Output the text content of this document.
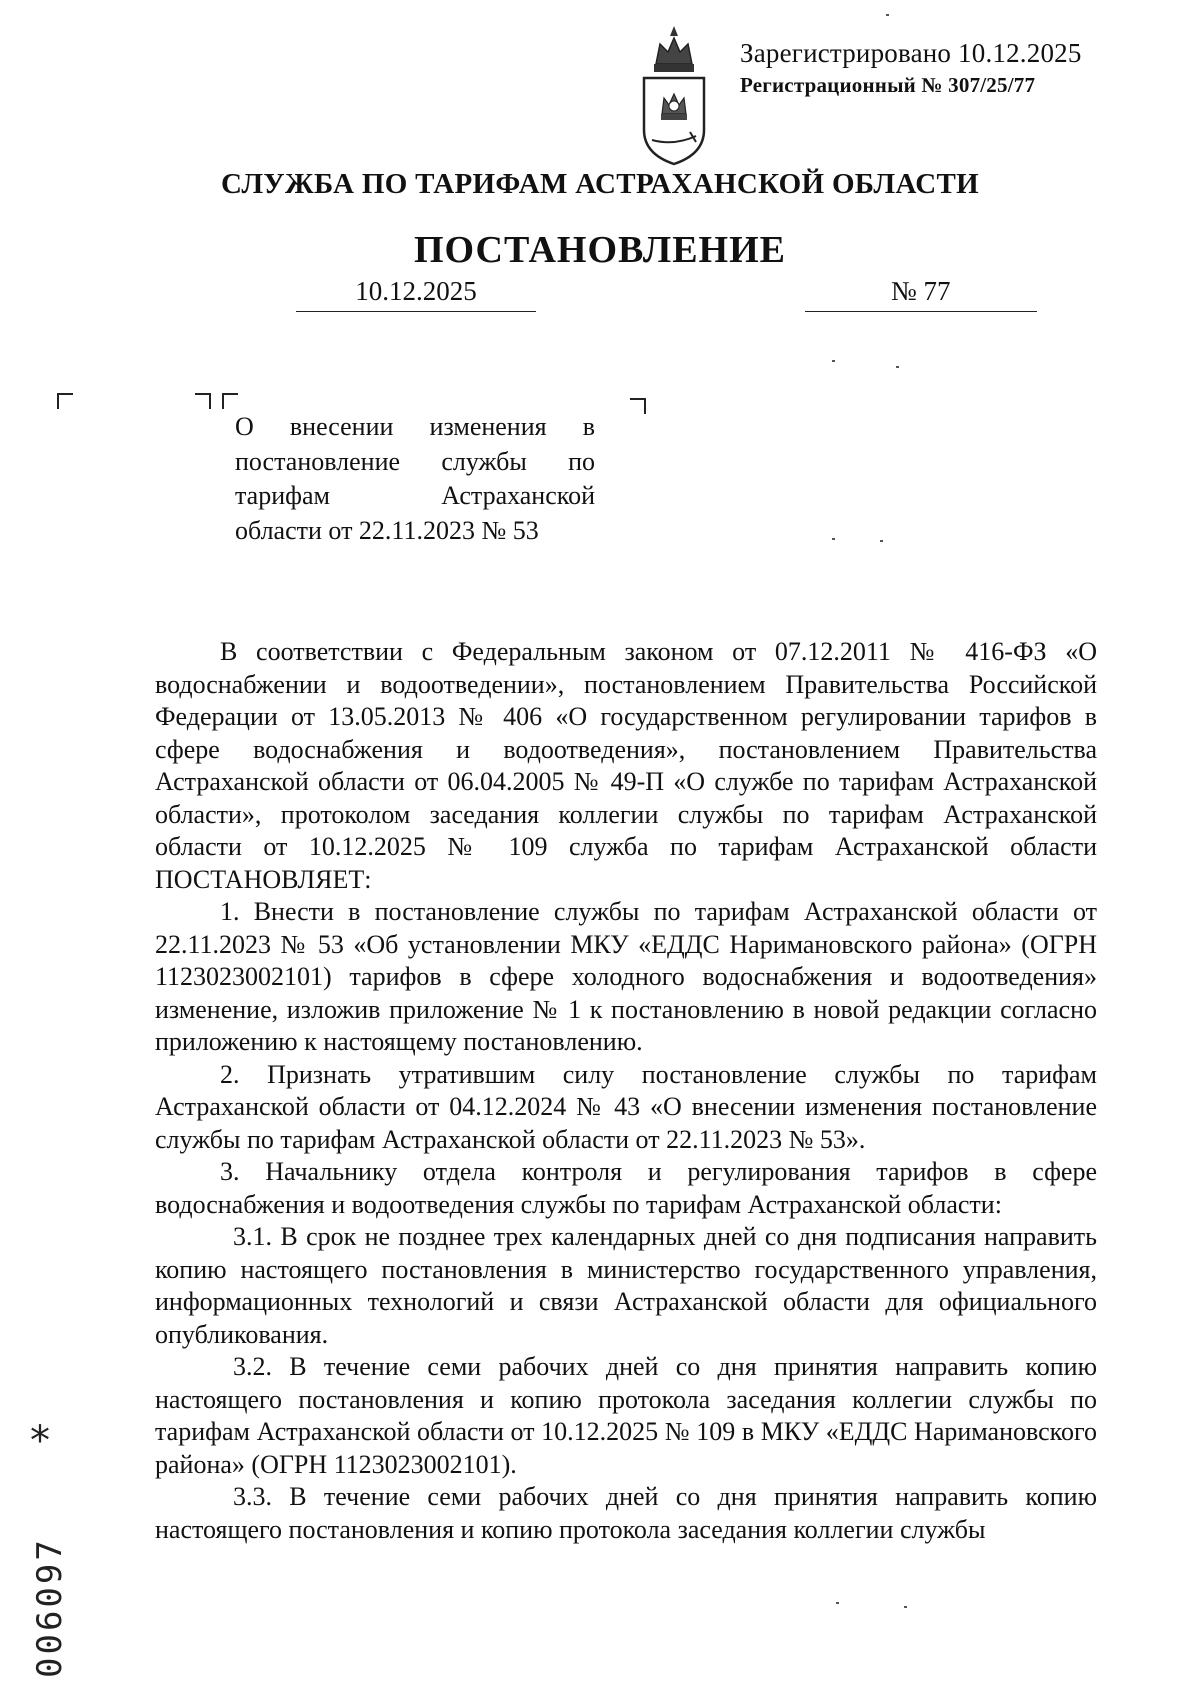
Зарегистрировано 10.12.2025
Регистрационный № 307/25/77
СЛУЖБА ПО ТАРИФАМ АСТРАХАНСКОЙ ОБЛАСТИ
ПОСТАНОВЛЕНИЕ
10.12.2025	№ 77
О внесении изменения в
постановление службы по
тарифам Астраханской
области от 22.11.2023 № 53

В соответствии с Федеральным законом от 07.12.2011 № 416-ФЗ «О водоснабжении и водоотведении», постановлением Правительства Российской Федерации от 13.05.2013 № 406 «О государственном регулировании тарифов в сфере водоснабжения и водоотведения», постановлением Правительства Астраханской области от 06.04.2005 № 49-П «О службе по тарифам Астраханской области», протоколом заседания коллегии службы по тарифам Астраханской области от 10.12.2025 № 109 служба по тарифам Астраханской области ПОСТАНОВЛЯЕТ:

1. Внести в постановление службы по тарифам Астраханской области от 22.11.2023 № 53 «Об установлении МКУ «ЕДДС Наримановского района» (ОГРН 1123023002101) тарифов в сфере холодного водоснабжения и водоотведения» изменение, изложив приложение № 1 к постановлению в новой редакции согласно приложению к настоящему постановлению.

2. Признать утратившим силу постановление службы по тарифам Астраханской области от 04.12.2024 № 43 «О внесении изменения постановление службы по тарифам Астраханской области от 22.11.2023 № 53».

3. Начальнику отдела контроля и регулирования тарифов в сфере водоснабжения и водоотведения службы по тарифам Астраханской области:

3.1. В срок не позднее трех календарных дней со дня подписания направить копию настоящего постановления в министерство государственного управления, информационных технологий и связи Астраханской области для официального опубликования.

3.2. В течение семи рабочих дней со дня принятия направить копию настоящего постановления и копию протокола заседания коллегии службы по тарифам Астраханской области от 10.12.2025 № 109 в МКУ «ЕДДС Наримановского района» (ОГРН 1123023002101).

3.3. В течение семи рабочих дней со дня принятия направить копию настоящего постановления и копию протокола заседания коллегии службы

*
006097
